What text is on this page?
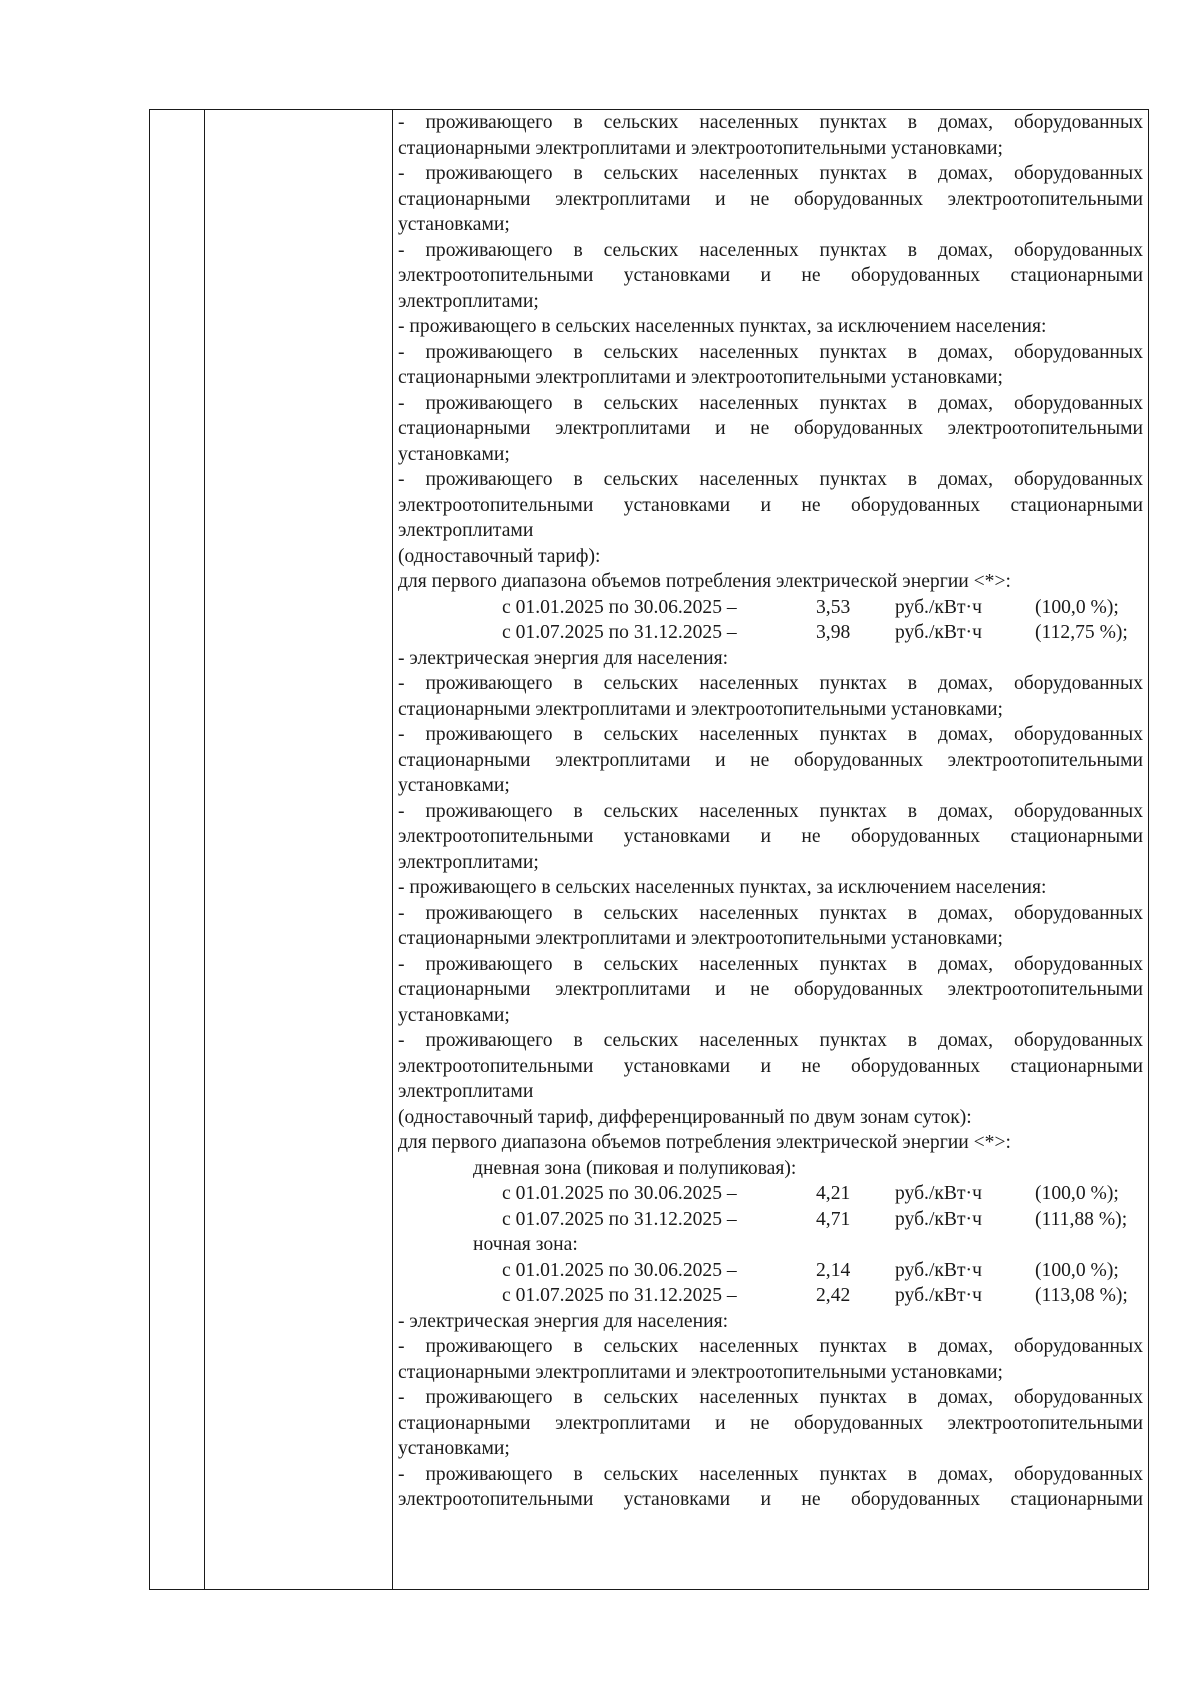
- проживающего в сельских населенных пунктах в домах, оборудованных стационарными электроплитами и электроотопительными установками;
- проживающего в сельских населенных пунктах в домах, оборудованных стационарными электроплитами и не оборудованных электроотопительными установками;
- проживающего в сельских населенных пунктах в домах, оборудованных электроотопительными установками и не оборудованных стационарными электроплитами;
- проживающего в сельских населенных пунктах, за исключением населения:
- проживающего в сельских населенных пунктах в домах, оборудованных стационарными электроплитами и электроотопительными установками;
- проживающего в сельских населенных пунктах в домах, оборудованных стационарными электроплитами и не оборудованных электроотопительными установками;
- проживающего в сельских населенных пунктах в домах, оборудованных электроотопительными установками и не оборудованных стационарными электроплитами
(одноставочный тариф):
для первого диапазона объемов потребления электрической энергии <*>:
с 01.01.2025 по 30.06.2025 –	3,53 руб./кВт·ч	(100,0 %);
с 01.07.2025 по 31.12.2025 –	3,98 руб./кВт·ч	(112,75 %);
- электрическая энергия для населения:
- проживающего в сельских населенных пунктах в домах, оборудованных стационарными электроплитами и электроотопительными установками;
- проживающего в сельских населенных пунктах в домах, оборудованных стационарными электроплитами и не оборудованных электроотопительными установками;
- проживающего в сельских населенных пунктах в домах, оборудованных электроотопительными установками и не оборудованных стационарными электроплитами;
- проживающего в сельских населенных пунктах, за исключением населения:
- проживающего в сельских населенных пунктах в домах, оборудованных стационарными электроплитами и электроотопительными установками;
- проживающего в сельских населенных пунктах в домах, оборудованных стационарными электроплитами и не оборудованных электроотопительными установками;
- проживающего в сельских населенных пунктах в домах, оборудованных электроотопительными установками и не оборудованных стационарными электроплитами
(одноставочный тариф, дифференцированный по двум зонам суток):
для первого диапазона объемов потребления электрической энергии <*>:
дневная зона (пиковая и полупиковая):
с 01.01.2025 по 30.06.2025 –	4,21 руб./кВт·ч	(100,0 %);
с 01.07.2025 по 31.12.2025 –	4,71 руб./кВт·ч	(111,88 %);
ночная зона:
с 01.01.2025 по 30.06.2025 –	2,14 руб./кВт·ч	(100,0 %);
с 01.07.2025 по 31.12.2025 –	2,42 руб./кВт·ч	(113,08 %);
- электрическая энергия для населения:
- проживающего в сельских населенных пунктах в домах, оборудованных стационарными электроплитами и электроотопительными установками;
- проживающего в сельских населенных пунктах в домах, оборудованных стационарными электроплитами и не оборудованных электроотопительными установками;
- проживающего в сельских населенных пунктах в домах, оборудованных электроотопительными установками и не оборудованных стационарными
